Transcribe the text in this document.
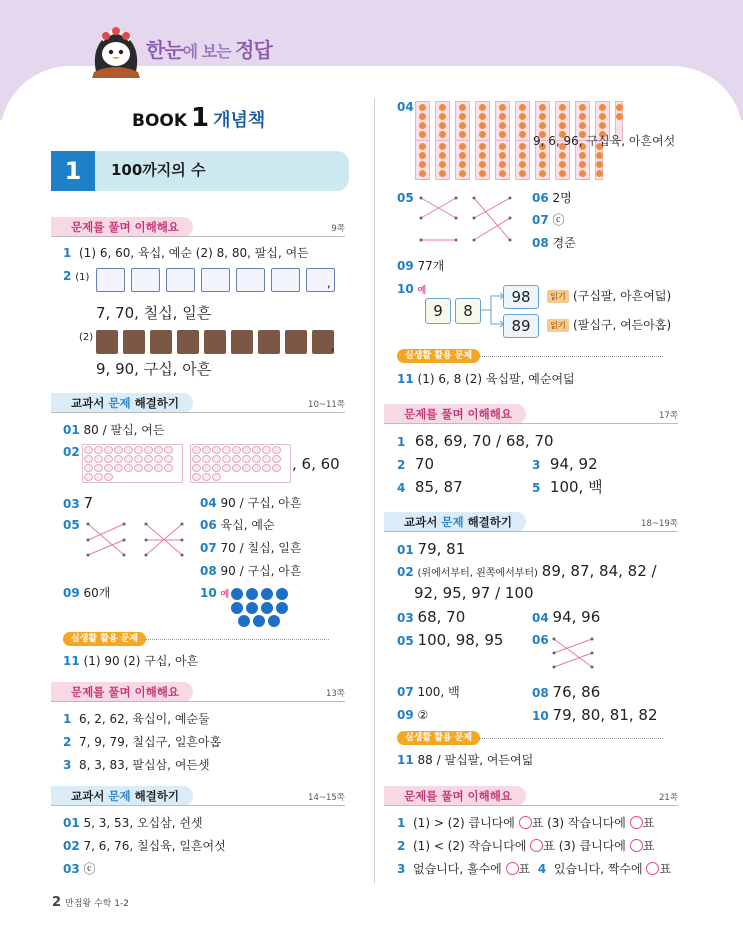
한눈에 보는 정답
BOOK 1 개념책
1	100까지의 수
문제를 풀며 이해해요	9쪽
1 (1) 6, 60, 육십, 예순 (2) 8, 80, 팔십, 여든
2 (1)	,
7, 70, 칠십, 일흔
(2)
,
9, 90, 구십, 아흔
교과서 문제 해결하기	10~11쪽
01 80 / 팔십, 여든
02
, 6, 60
03 7	04 90 / 구십, 아흔
05	06 육십, 예순
07 70 / 칠십, 일흔
08 90 / 구십, 아흔
09 60개	10 예
실생활 활용 문제
11 (1) 90 (2) 구십, 아흔
문제를 풀며 이해해요	13쪽
1 6, 2, 62, 육십이, 예순둘
2 7, 9, 79, 칠십구, 일흔아홉
3 8, 3, 83, 팔십삼, 여든셋
교과서 문제 해결하기	14~15쪽
01 5, 3, 53, 오십삼, 쉰셋
02 7, 6, 76, 칠십육, 일흔여섯
03 ⓒ
04
9, 6, 96, 구십육, 아흔여섯
05	06 2명
07 ⓒ
08 경준
09 77개
10 예
9	8
98
89
읽기 (구십팔, 아흔여덟)
읽기 (팔십구, 여든아홉)
실생활 활용 문제
11 (1) 6, 8 (2) 육십팔, 예순여덟
문제를 풀며 이해해요	17쪽
1 68, 69, 70 / 68, 70
2 70	3 94, 92
4 85, 87	5 100, 백
교과서 문제 해결하기	18~19쪽
01 79, 81
02 (위에서부터, 왼쪽에서부터) 89, 87, 84, 82 /
92, 95, 97 / 100
03 68, 70	04 94, 96
05 100, 98, 95 06
07 100, 백	08 76, 86
09 ②	10 79, 80, 81, 82
실생활 활용 문제
11 88 / 팔십팔, 여든여덟
문제를 풀며 이해해요	21쪽
1 (1) > (2) 큽니다에 ○표 (3) 작습니다에 ○표
2 (1) < (2) 작습니다에 ○표 (3) 큽니다에 ○표
3 없습니다, 홀수에 ○표 4 있습니다, 짝수에 ○표
2 만점왕 수학 1-2
